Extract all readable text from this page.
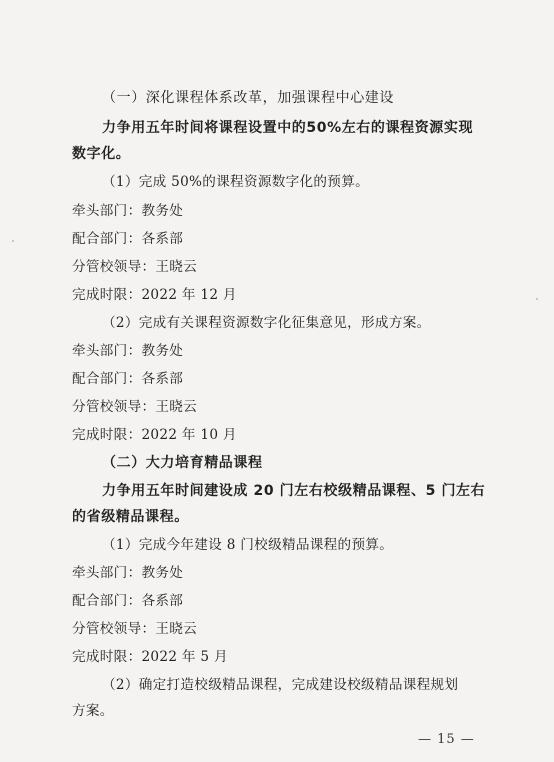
（一）深化课程体系改革，加强课程中心建设
力争用五年时间将课程设置中的50%左右的课程资源实现
数字化。
（1）完成 50%的课程资源数字化的预算。
牵头部门：教务处
配合部门：各系部
分管校领导：王晓云
完成时限：2022 年 12 月
（2）完成有关课程资源数字化征集意见，形成方案。
牵头部门：教务处
配合部门：各系部
分管校领导：王晓云
完成时限：2022 年 10 月
（二）大力培育精品课程
力争用五年时间建设成 20 门左右校级精品课程、5 门左右
的省级精品课程。
（1）完成今年建设 8 门校级精品课程的预算。
牵头部门：教务处
配合部门：各系部
分管校领导：王晓云
完成时限：2022 年 5 月
— 15 —
（2）确定打造校级精品课程，完成建设校级精品课程规划
方案。
